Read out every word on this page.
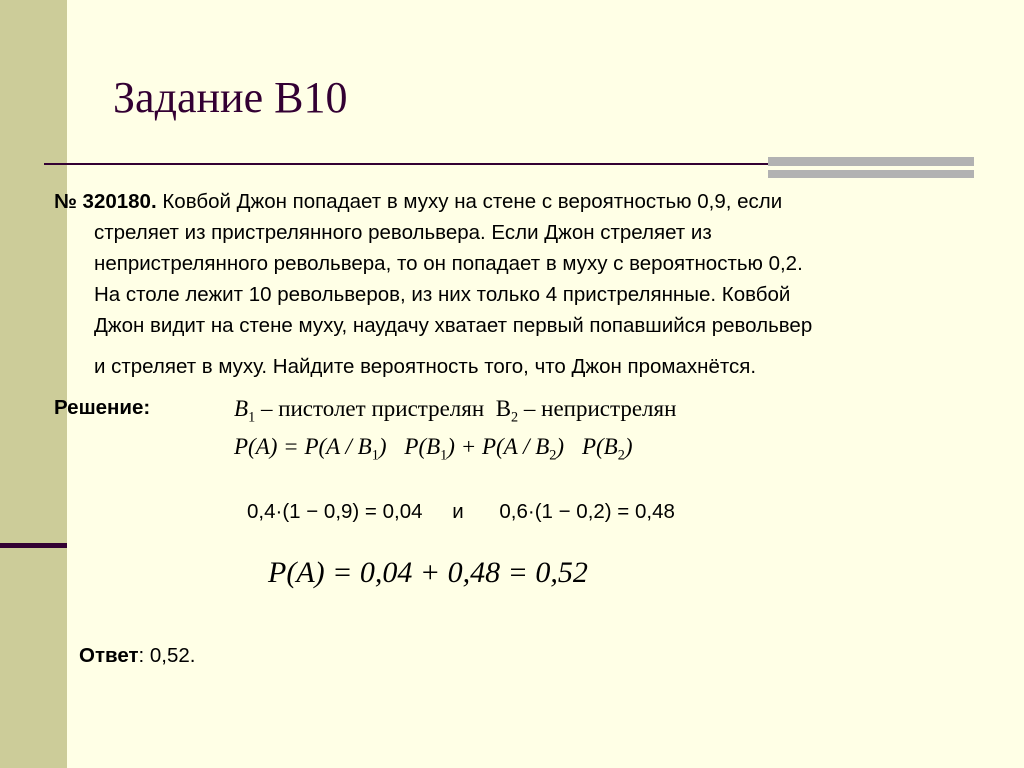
Задание B10
№ 320180. Ковбой Джон попадает в муху на стене с вероятностью 0,9, если
стреляет из пристрелянного револьвера. Если Джон стреляет из
непристрелянного револьвера, то он попадает в муху с вероятностью 0,2.
На столе лежит 10 револьверов, из них только 4 пристрелянные. Ковбой
Джон видит на стене муху, наудачу хватает первый попавшийся револьвер
и стреляет в муху. Найдите вероятность того, что Джон промахнётся.
Решение:	$B_1$ – пистолет пристрелян $B_2$ – непристрелян
$P(A) = P(A / B_1) P(B_1) + P(A$ / $B_2) P(B_2)$
0,4·(1 − 0,9) = 0,04 и 0,6·(1 − 0,2) = 0,48
P(A) = 0,04 + 0,48 = 0,52
Ответ: 0,52.
